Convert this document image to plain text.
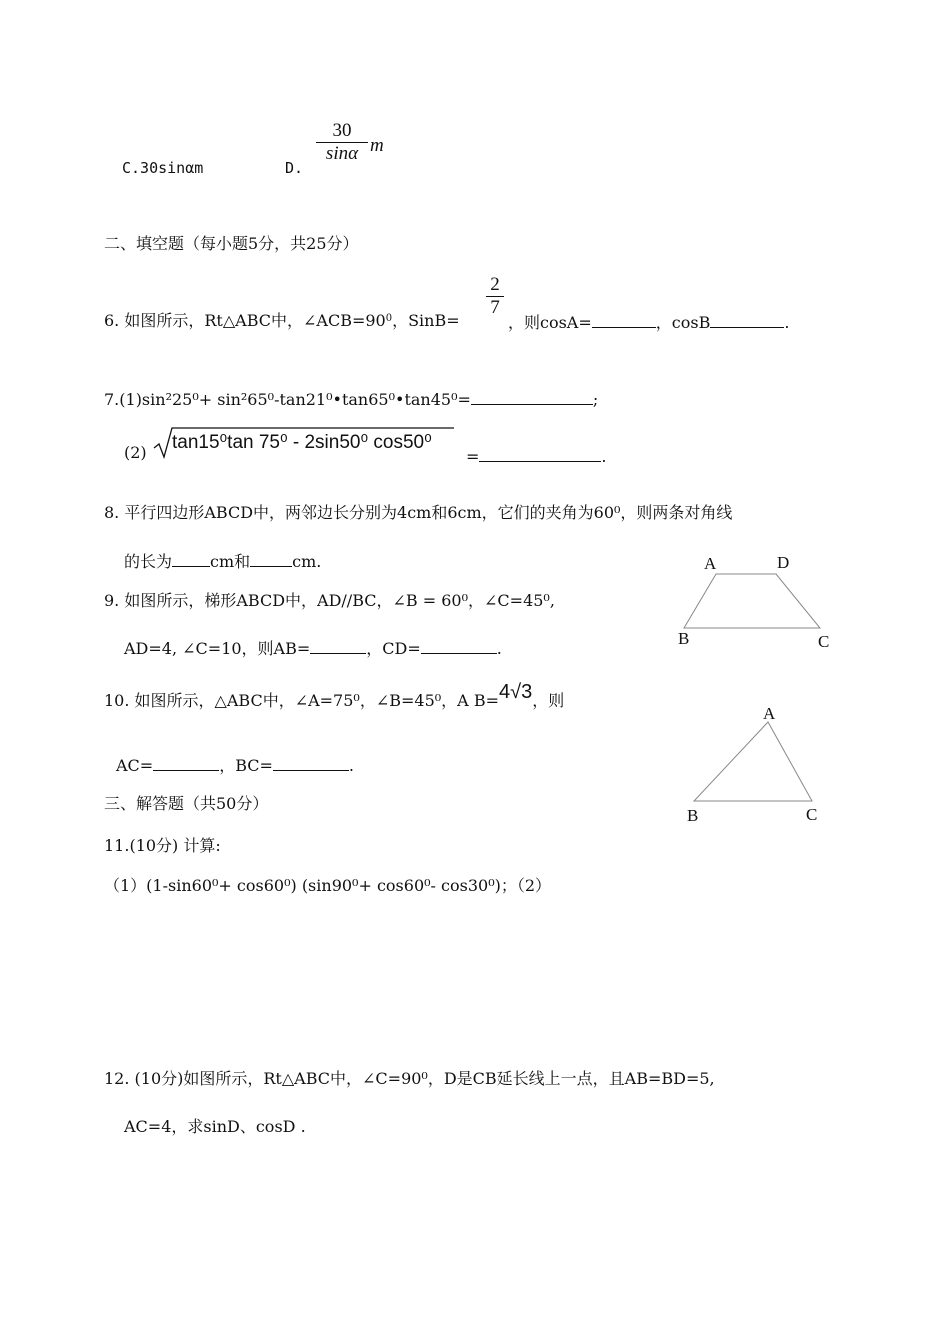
C.30sinαm	D.
30
sinα m
二、填空题（每小题5分，共25分）
6. 如图所示，Rt△ABC中，$\angle ACB=90^0$，SinB=
2
7
，则cosA=	，cosB	.
7.(1)sin²25⁰+ sin²65⁰-tan21⁰•tan65⁰•tan45⁰=	;
(2) tan15⁰tan 75⁰ - 2sin50⁰ cos50⁰
=	.
8. 平行四边形ABCD中，两邻边长分别为4cm和6cm，它们的夹角为60⁰，则两条对角线
的长为 cm和	cm.
9. 如图所示，梯形ABCD中，AD//BC，∠B = 60⁰，∠C=45⁰,
AD=4, ∠C=10，则AB=	，CD=	.
A	D
B	C
10. 如图所示，△ABC中，∠A=75⁰，∠B=45⁰，A B=4√3，则
AC=	，BC=	.
A
B	C
三、解答题（共50分）
11.(10分) 计算:
（1）(1-sin60⁰+ cos60⁰) (sin90⁰+ cos60⁰- cos30⁰)；（2）
12. (10分)如图所示，Rt△ABC中，∠C=90⁰，D是CB延长线上一点，且AB=BD=5,
AC=4，求sinD、cosD .
